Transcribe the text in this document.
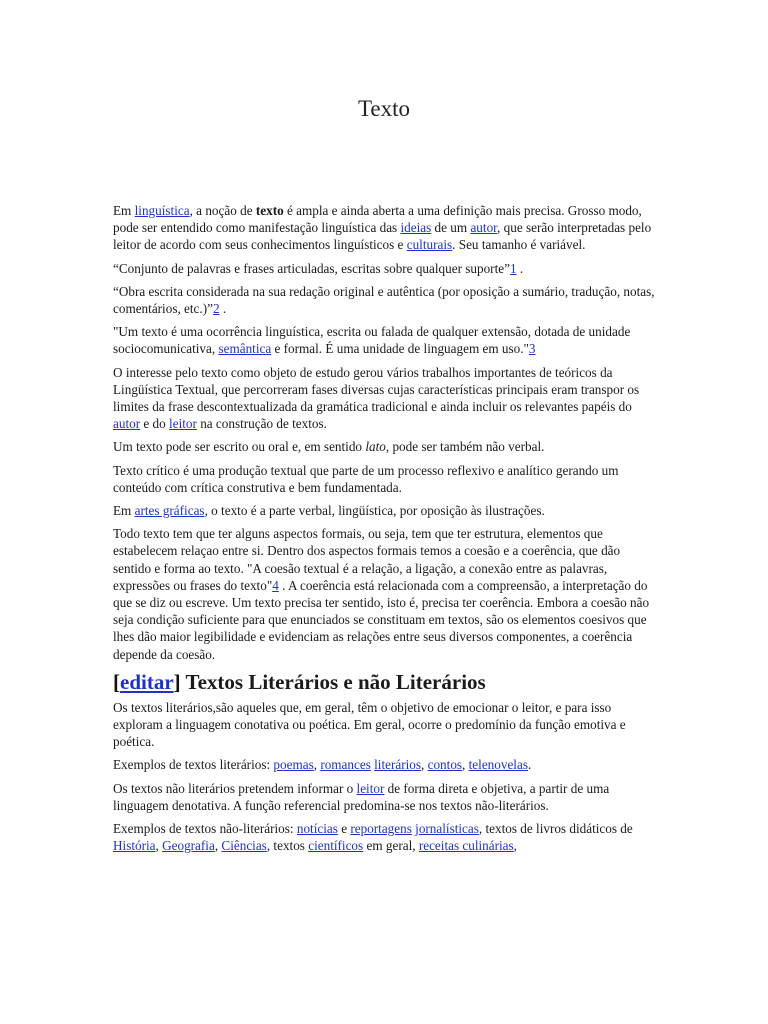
Texto

Em linguística, a noção de texto é ampla e ainda aberta a uma definição mais precisa. Grosso modo, pode ser entendido como manifestação linguística das ideias de um autor, que serão interpretadas pelo leitor de acordo com seus conhecimentos linguísticos e culturais. Seu tamanho é variável.

“Conjunto de palavras e frases articuladas, escritas sobre qualquer suporte”1 .

“Obra escrita considerada na sua redação original e autêntica (por oposição a sumário, tradução, notas, comentários, etc.)”2 .

"Um texto é uma ocorrência linguística, escrita ou falada de qualquer extensão, dotada de unidade sociocomunicativa, semântica e formal. É uma unidade de linguagem em uso."3

O interesse pelo texto como objeto de estudo gerou vários trabalhos importantes de teóricos da Lingüística Textual, que percorreram fases diversas cujas características principais eram transpor os limites da frase descontextualizada da gramática tradicional e ainda incluir os relevantes papéis do autor e do leitor na construção de textos.

Um texto pode ser escrito ou oral e, em sentido lato, pode ser também não verbal.

Texto crítico é uma produção textual que parte de um processo reflexivo e analítico gerando um conteúdo com crítica construtiva e bem fundamentada.

Em artes gráficas, o texto é a parte verbal, lingüística, por oposição às ilustrações.

Todo texto tem que ter alguns aspectos formais, ou seja, tem que ter estrutura, elementos que estabelecem relaçao entre si. Dentro dos aspectos formais temos a coesão e a coerência, que dão sentido e forma ao texto. "A coesão textual é a relação, a ligação, a conexão entre as palavras, expressões ou frases do texto"4 . A coerência está relacionada com a compreensão, a interpretação do que se diz ou escreve. Um texto precisa ter sentido, isto é, precisa ter coerência. Embora a coesão não seja condição suficiente para que enunciados se constituam em textos, são os elementos coesivos que lhes dão maior legibilidade e evidenciam as relações entre seus diversos componentes, a coerência depende da coesão.

[editar] Textos Literários e não Literários

Os textos literários,são aqueles que, em geral, têm o objetivo de emocionar o leitor, e para isso exploram a linguagem conotativa ou poética. Em geral, ocorre o predomínio da função emotiva e poética.

Exemplos de textos literários: poemas, romances literários, contos, telenovelas.

Os textos não literários pretendem informar o leitor de forma direta e objetiva, a partir de uma linguagem denotativa. A função referencial predomina-se nos textos não-literários.

Exemplos de textos não-literários: notícias e reportagens jornalísticas, textos de livros didáticos de História, Geografia, Ciências, textos científicos em geral, receitas culinárias,
